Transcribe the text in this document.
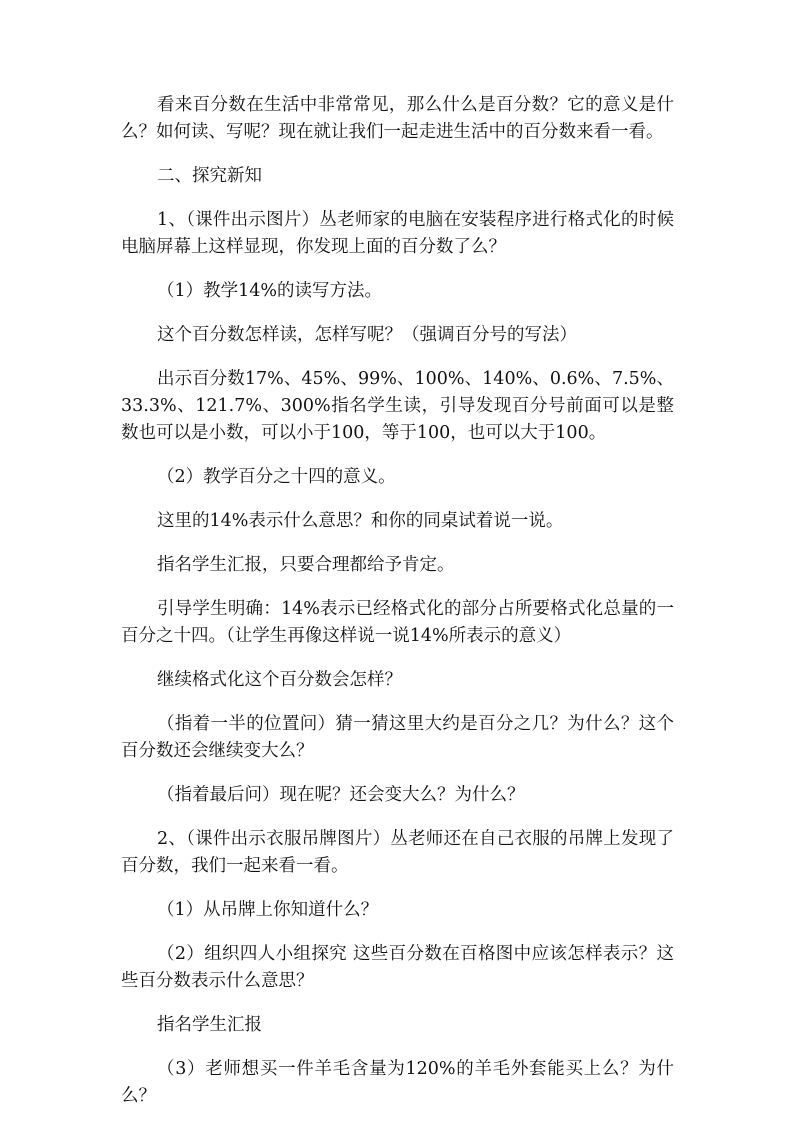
看来百分数在生活中非常常见，那么什么是百分数？它的意义是什么？如何读、写呢？现在就让我们一起走进生活中的百分数来看一看。

二、探究新知

1、（课件出示图片）丛老师家的电脑在安装程序进行格式化的时候电脑屏幕上这样显现，你发现上面的百分数了么？

（1）教学14%的读写方法。

这个百分数怎样读，怎样写呢？（强调百分号的写法）

出示百分数17%、45%、99%、100%、140%、0.6%、7.5%、33.3%、121.7%、300%指名学生读，引导发现百分号前面可以是整数也可以是小数，可以小于100，等于100，也可以大于100。

（2）教学百分之十四的意义。

这里的14%表示什么意思？和你的同桌试着说一说。

指名学生汇报，只要合理都给予肯定。

引导学生明确：14%表示已经格式化的部分占所要格式化总量的一百分之十四。（让学生再像这样说一说14%所表示的意义）

继续格式化这个百分数会怎样？

（指着一半的位置问）猜一猜这里大约是百分之几？为什么？这个百分数还会继续变大么？

（指着最后问）现在呢？还会变大么？为什么？

2、（课件出示衣服吊牌图片）丛老师还在自己衣服的吊牌上发现了百分数，我们一起来看一看。

（1）从吊牌上你知道什么？

（2）组织四人小组探究 这些百分数在百格图中应该怎样表示？这些百分数表示什么意思？

指名学生汇报

（3）老师想买一件羊毛含量为120%的羊毛外套能买上么？为什么？
